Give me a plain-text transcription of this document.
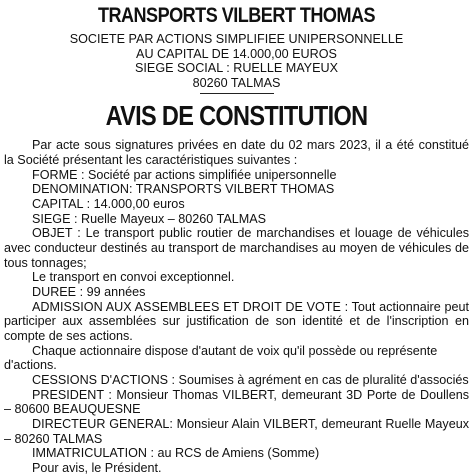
TRANSPORTS VILBERT THOMAS
SOCIETE PAR ACTIONS SIMPLIFIEE UNIPERSONNELLE
AU CAPITAL DE 14.000,00 EUROS
SIEGE SOCIAL : RUELLE MAYEUX
80260 TALMAS
AVIS DE CONSTITUTION

Par acte sous signatures privées en date du 02 mars 2023, il a été constitué la Société présentant les caractéristiques suivantes :

FORME : Société par actions simplifiée unipersonnelle

DENOMINATION: TRANSPORTS VILBERT THOMAS

CAPITAL : 14.000,00 euros

SIEGE : Ruelle Mayeux – 80260 TALMAS

OBJET : Le transport public routier de marchandises et louage de véhicules avec conducteur destinés au transport de marchandises au moyen de véhicules de tous tonnages;

Le transport en convoi exceptionnel.

DUREE : 99 années

ADMISSION AUX ASSEMBLEES ET DROIT DE VOTE : Tout actionnaire peut participer aux assemblées sur justification de son identité et de l'inscription en compte de ses actions.

Chaque actionnaire dispose d'autant de voix qu'il possède ou représente d'actions.

CESSIONS D'ACTIONS : Soumises à agrément en cas de pluralité d'associés

PRESIDENT : Monsieur Thomas VILBERT, demeurant 3D Porte de Doullens – 80600 BEAUQUESNE

DIRECTEUR GENERAL: Monsieur Alain VILBERT, demeurant Ruelle Mayeux – 80260 TALMAS

IMMATRICULATION : au RCS de Amiens (Somme)

Pour avis, le Président.
